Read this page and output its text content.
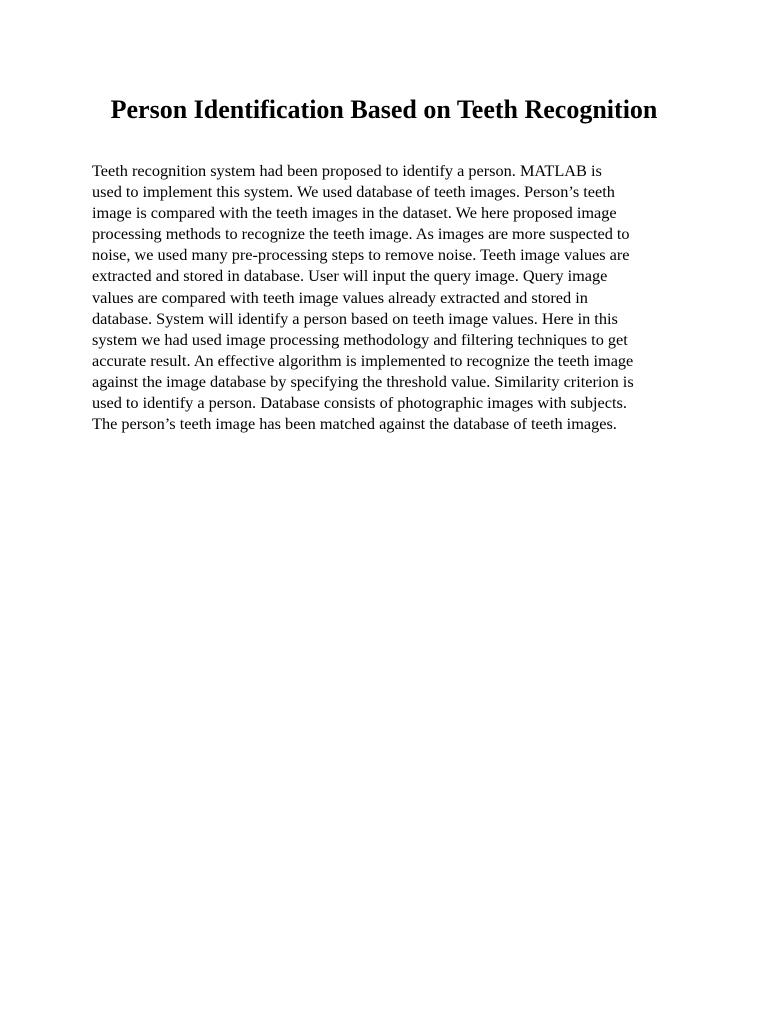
Person Identification Based on Teeth Recognition

Teeth recognition system had been proposed to identify a person. MATLAB is
used to implement this system. We used database of teeth images. Person’s teeth
image is compared with the teeth images in the dataset. We here proposed image
processing methods to recognize the teeth image. As images are more suspected to
noise, we used many pre-processing steps to remove noise. Teeth image values are
extracted and stored in database. User will input the query image. Query image
values are compared with teeth image values already extracted and stored in
database. System will identify a person based on teeth image values. Here in this
system we had used image processing methodology and filtering techniques to get
accurate result. An effective algorithm is implemented to recognize the teeth image
against the image database by specifying the threshold value. Similarity criterion is
used to identify a person. Database consists of photographic images with subjects.
The person’s teeth image has been matched against the database of teeth images.
